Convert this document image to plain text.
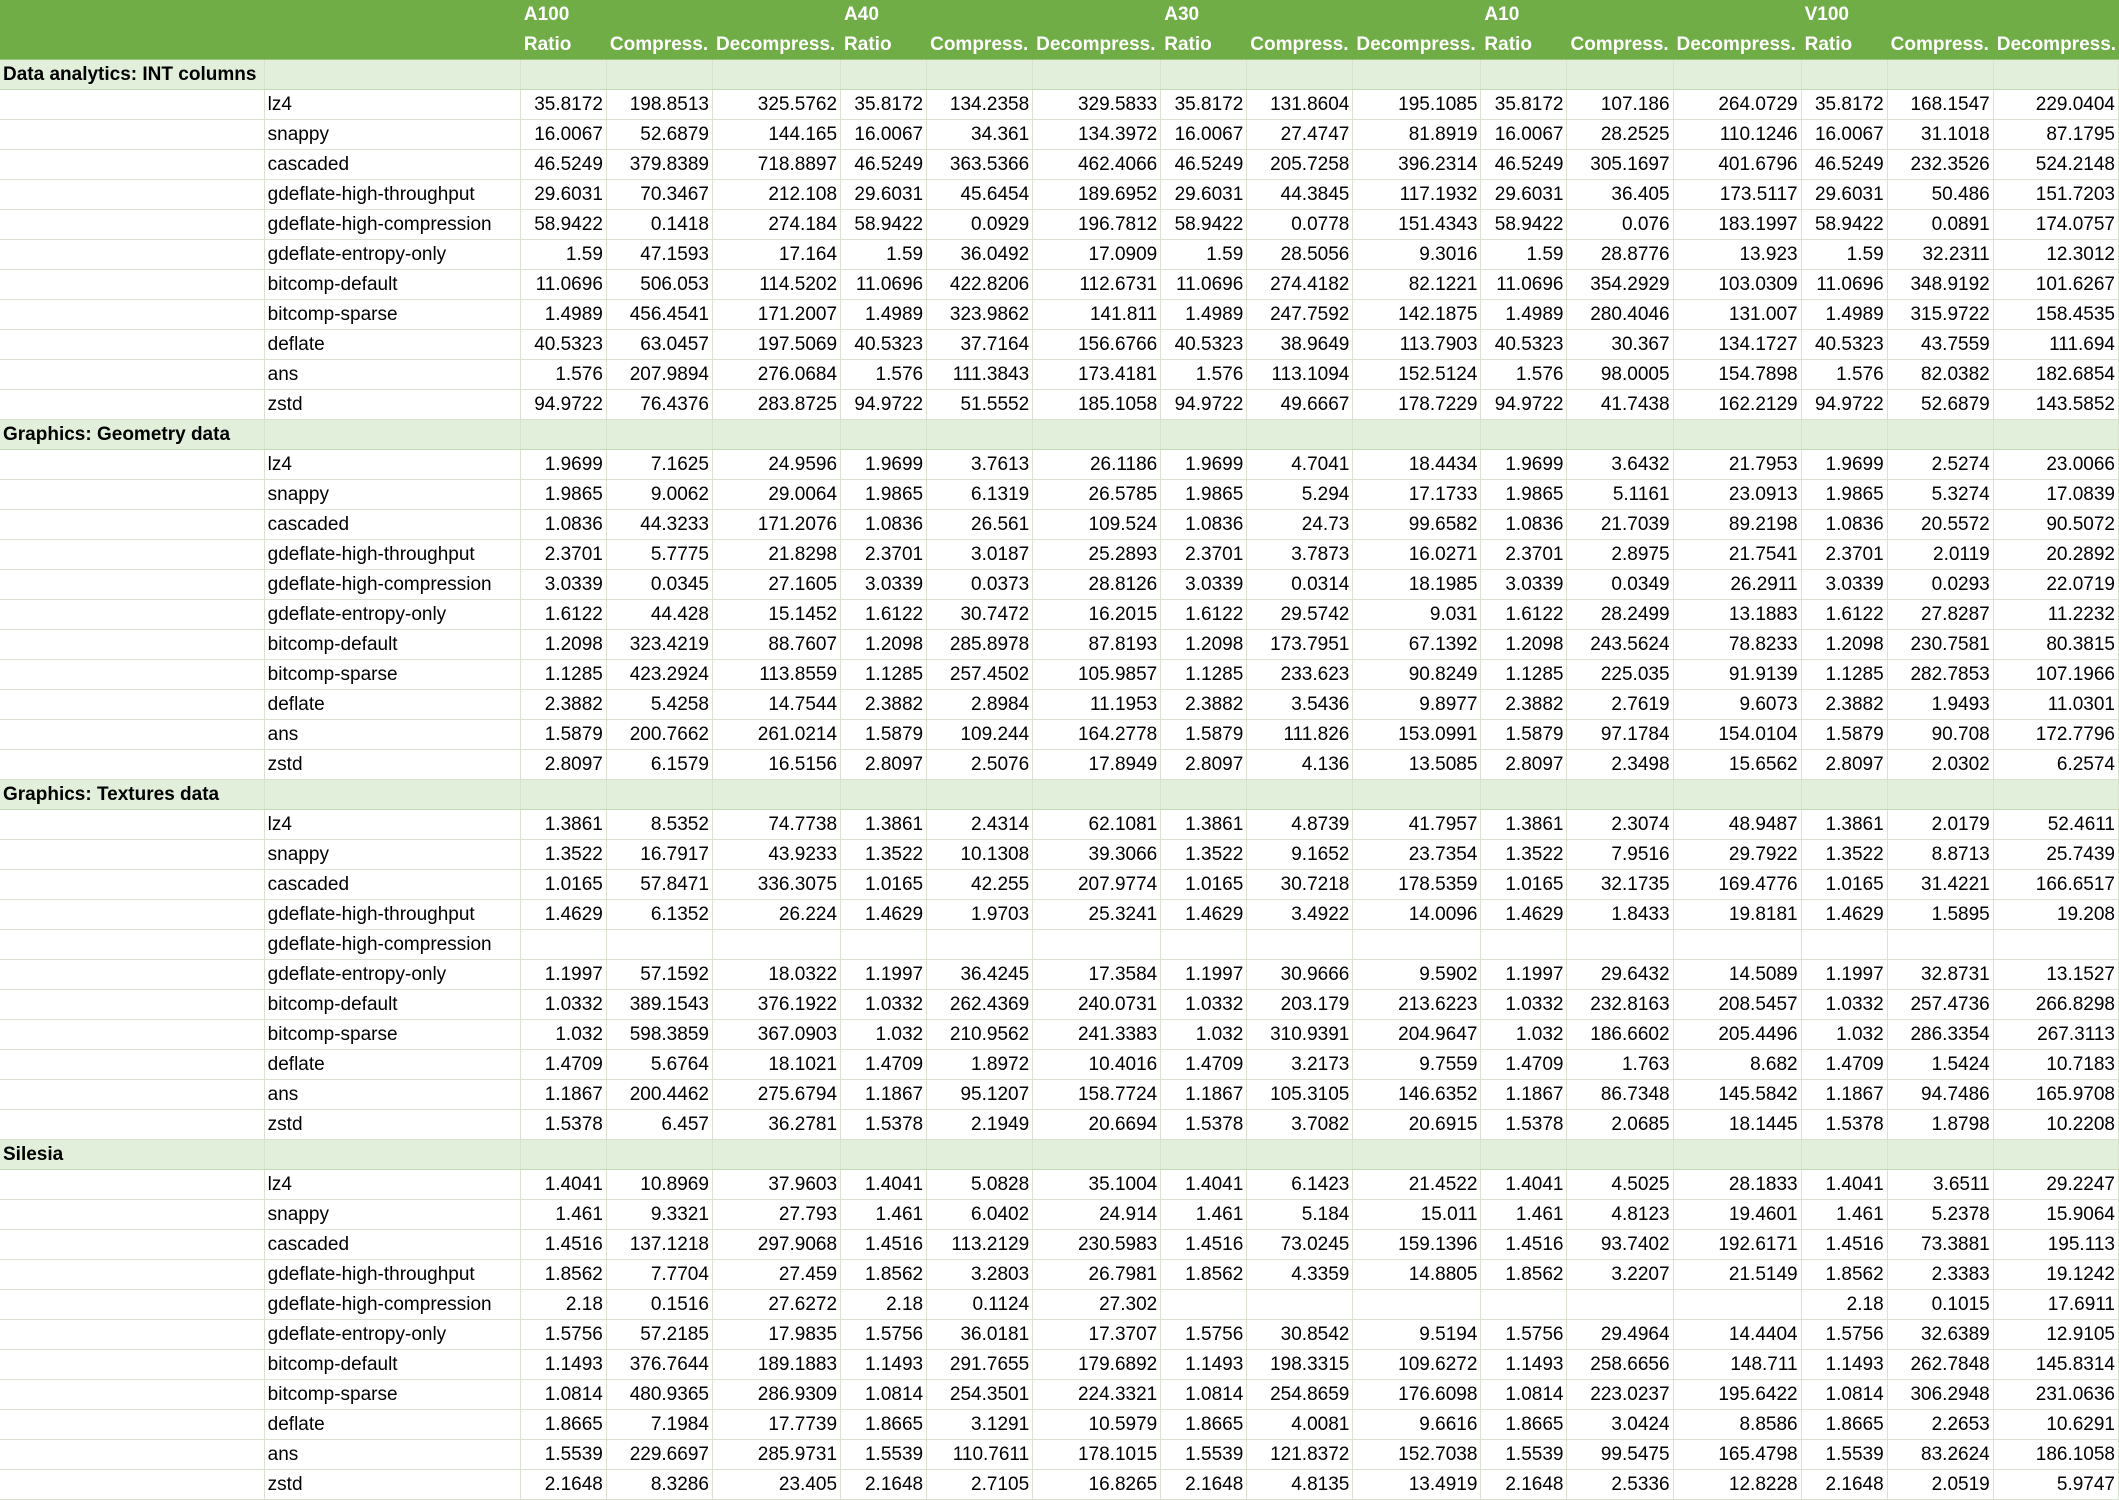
		A100			A40			A30			A10			V100		
		Ratio	Compress.	Decompress.	Ratio	Compress.	Decompress.	Ratio	Compress.	Decompress.	Ratio	Compress.	Decompress.	Ratio	Compress.	Decompress.
Data analytics: INT columns																
	lz4	35.8172	198.8513	325.5762	35.8172	134.2358	329.5833	35.8172	131.8604	195.1085	35.8172	107.186	264.0729	35.8172	168.1547	229.0404
	snappy	16.0067	52.6879	144.165	16.0067	34.361	134.3972	16.0067	27.4747	81.8919	16.0067	28.2525	110.1246	16.0067	31.1018	87.1795
	cascaded	46.5249	379.8389	718.8897	46.5249	363.5366	462.4066	46.5249	205.7258	396.2314	46.5249	305.1697	401.6796	46.5249	232.3526	524.2148
	gdeflate-high-throughput	29.6031	70.3467	212.108	29.6031	45.6454	189.6952	29.6031	44.3845	117.1932	29.6031	36.405	173.5117	29.6031	50.486	151.7203
	gdeflate-high-compression	58.9422	0.1418	274.184	58.9422	0.0929	196.7812	58.9422	0.0778	151.4343	58.9422	0.076	183.1997	58.9422	0.0891	174.0757
	gdeflate-entropy-only	1.59	47.1593	17.164	1.59	36.0492	17.0909	1.59	28.5056	9.3016	1.59	28.8776	13.923	1.59	32.2311	12.3012
	bitcomp-default	11.0696	506.053	114.5202	11.0696	422.8206	112.6731	11.0696	274.4182	82.1221	11.0696	354.2929	103.0309	11.0696	348.9192	101.6267
	bitcomp-sparse	1.4989	456.4541	171.2007	1.4989	323.9862	141.811	1.4989	247.7592	142.1875	1.4989	280.4046	131.007	1.4989	315.9722	158.4535
	deflate	40.5323	63.0457	197.5069	40.5323	37.7164	156.6766	40.5323	38.9649	113.7903	40.5323	30.367	134.1727	40.5323	43.7559	111.694
	ans	1.576	207.9894	276.0684	1.576	111.3843	173.4181	1.576	113.1094	152.5124	1.576	98.0005	154.7898	1.576	82.0382	182.6854
	zstd	94.9722	76.4376	283.8725	94.9722	51.5552	185.1058	94.9722	49.6667	178.7229	94.9722	41.7438	162.2129	94.9722	52.6879	143.5852
Graphics: Geometry data																
	lz4	1.9699	7.1625	24.9596	1.9699	3.7613	26.1186	1.9699	4.7041	18.4434	1.9699	3.6432	21.7953	1.9699	2.5274	23.0066
	snappy	1.9865	9.0062	29.0064	1.9865	6.1319	26.5785	1.9865	5.294	17.1733	1.9865	5.1161	23.0913	1.9865	5.3274	17.0839
	cascaded	1.0836	44.3233	171.2076	1.0836	26.561	109.524	1.0836	24.73	99.6582	1.0836	21.7039	89.2198	1.0836	20.5572	90.5072
	gdeflate-high-throughput	2.3701	5.7775	21.8298	2.3701	3.0187	25.2893	2.3701	3.7873	16.0271	2.3701	2.8975	21.7541	2.3701	2.0119	20.2892
	gdeflate-high-compression	3.0339	0.0345	27.1605	3.0339	0.0373	28.8126	3.0339	0.0314	18.1985	3.0339	0.0349	26.2911	3.0339	0.0293	22.0719
	gdeflate-entropy-only	1.6122	44.428	15.1452	1.6122	30.7472	16.2015	1.6122	29.5742	9.031	1.6122	28.2499	13.1883	1.6122	27.8287	11.2232
	bitcomp-default	1.2098	323.4219	88.7607	1.2098	285.8978	87.8193	1.2098	173.7951	67.1392	1.2098	243.5624	78.8233	1.2098	230.7581	80.3815
	bitcomp-sparse	1.1285	423.2924	113.8559	1.1285	257.4502	105.9857	1.1285	233.623	90.8249	1.1285	225.035	91.9139	1.1285	282.7853	107.1966
	deflate	2.3882	5.4258	14.7544	2.3882	2.8984	11.1953	2.3882	3.5436	9.8977	2.3882	2.7619	9.6073	2.3882	1.9493	11.0301
	ans	1.5879	200.7662	261.0214	1.5879	109.244	164.2778	1.5879	111.826	153.0991	1.5879	97.1784	154.0104	1.5879	90.708	172.7796
	zstd	2.8097	6.1579	16.5156	2.8097	2.5076	17.8949	2.8097	4.136	13.5085	2.8097	2.3498	15.6562	2.8097	2.0302	6.2574
Graphics: Textures data																
	lz4	1.3861	8.5352	74.7738	1.3861	2.4314	62.1081	1.3861	4.8739	41.7957	1.3861	2.3074	48.9487	1.3861	2.0179	52.4611
	snappy	1.3522	16.7917	43.9233	1.3522	10.1308	39.3066	1.3522	9.1652	23.7354	1.3522	7.9516	29.7922	1.3522	8.8713	25.7439
	cascaded	1.0165	57.8471	336.3075	1.0165	42.255	207.9774	1.0165	30.7218	178.5359	1.0165	32.1735	169.4776	1.0165	31.4221	166.6517
	gdeflate-high-throughput	1.4629	6.1352	26.224	1.4629	1.9703	25.3241	1.4629	3.4922	14.0096	1.4629	1.8433	19.8181	1.4629	1.5895	19.208
	gdeflate-high-compression															
	gdeflate-entropy-only	1.1997	57.1592	18.0322	1.1997	36.4245	17.3584	1.1997	30.9666	9.5902	1.1997	29.6432	14.5089	1.1997	32.8731	13.1527
	bitcomp-default	1.0332	389.1543	376.1922	1.0332	262.4369	240.0731	1.0332	203.179	213.6223	1.0332	232.8163	208.5457	1.0332	257.4736	266.8298
	bitcomp-sparse	1.032	598.3859	367.0903	1.032	210.9562	241.3383	1.032	310.9391	204.9647	1.032	186.6602	205.4496	1.032	286.3354	267.3113
	deflate	1.4709	5.6764	18.1021	1.4709	1.8972	10.4016	1.4709	3.2173	9.7559	1.4709	1.763	8.682	1.4709	1.5424	10.7183
	ans	1.1867	200.4462	275.6794	1.1867	95.1207	158.7724	1.1867	105.3105	146.6352	1.1867	86.7348	145.5842	1.1867	94.7486	165.9708
	zstd	1.5378	6.457	36.2781	1.5378	2.1949	20.6694	1.5378	3.7082	20.6915	1.5378	2.0685	18.1445	1.5378	1.8798	10.2208
Silesia																
	lz4	1.4041	10.8969	37.9603	1.4041	5.0828	35.1004	1.4041	6.1423	21.4522	1.4041	4.5025	28.1833	1.4041	3.6511	29.2247
	snappy	1.461	9.3321	27.793	1.461	6.0402	24.914	1.461	5.184	15.011	1.461	4.8123	19.4601	1.461	5.2378	15.9064
	cascaded	1.4516	137.1218	297.9068	1.4516	113.2129	230.5983	1.4516	73.0245	159.1396	1.4516	93.7402	192.6171	1.4516	73.3881	195.113
	gdeflate-high-throughput	1.8562	7.7704	27.459	1.8562	3.2803	26.7981	1.8562	4.3359	14.8805	1.8562	3.2207	21.5149	1.8562	2.3383	19.1242
	gdeflate-high-compression	2.18	0.1516	27.6272	2.18	0.1124	27.302							2.18	0.1015	17.6911
	gdeflate-entropy-only	1.5756	57.2185	17.9835	1.5756	36.0181	17.3707	1.5756	30.8542	9.5194	1.5756	29.4964	14.4404	1.5756	32.6389	12.9105
	bitcomp-default	1.1493	376.7644	189.1883	1.1493	291.7655	179.6892	1.1493	198.3315	109.6272	1.1493	258.6656	148.711	1.1493	262.7848	145.8314
	bitcomp-sparse	1.0814	480.9365	286.9309	1.0814	254.3501	224.3321	1.0814	254.8659	176.6098	1.0814	223.0237	195.6422	1.0814	306.2948	231.0636
	deflate	1.8665	7.1984	17.7739	1.8665	3.1291	10.5979	1.8665	4.0081	9.6616	1.8665	3.0424	8.8586	1.8665	2.2653	10.6291
	ans	1.5539	229.6697	285.9731	1.5539	110.7611	178.1015	1.5539	121.8372	152.7038	1.5539	99.5475	165.4798	1.5539	83.2624	186.1058
	zstd	2.1648	8.3286	23.405	2.1648	2.7105	16.8265	2.1648	4.8135	13.4919	2.1648	2.5336	12.8228	2.1648	2.0519	5.9747
